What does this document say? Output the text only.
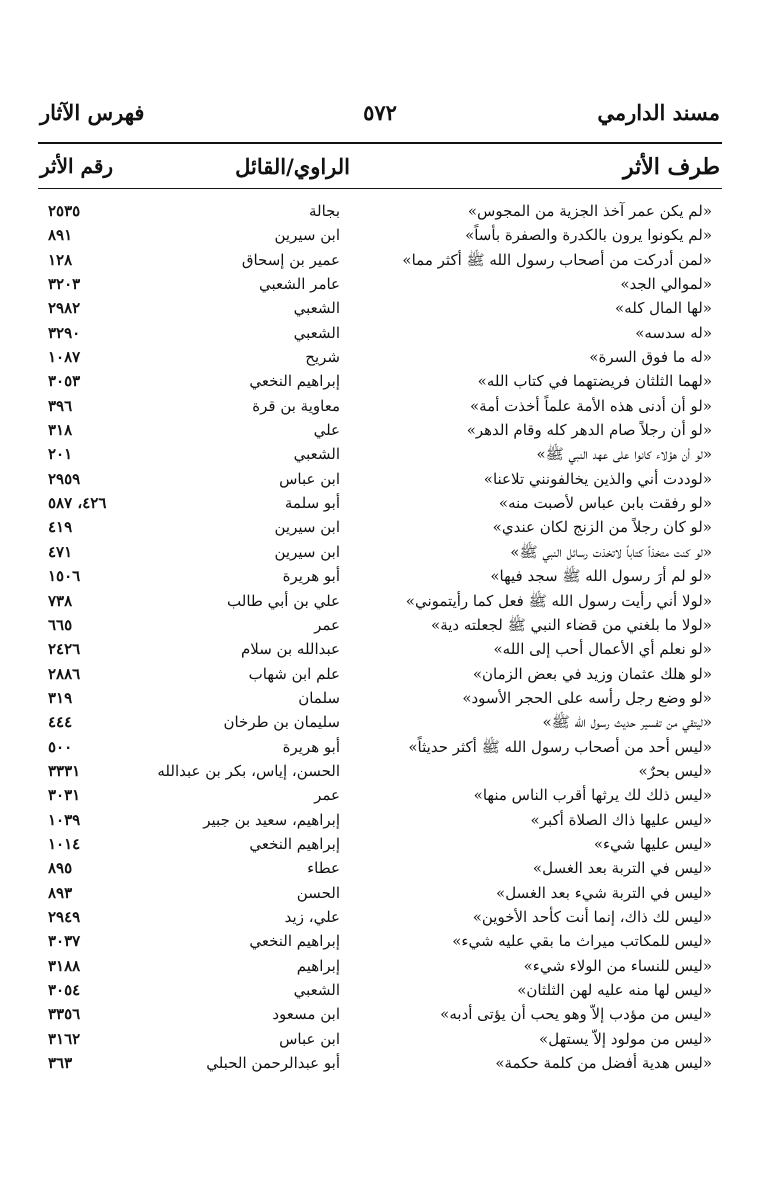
مسند الدارمي
٥٧٢
فهرس الآثار
طرف الأثر
الراوي/القائل
رقم الأثر
«لم يكن عمر آخذ الجزية من المجوس»
بجالة
٢٥٣٥
«لم يكونوا يرون بالكدرة والصفرة بأساً»
ابن سيرين
٨٩١
«لمن أدركت من أصحاب رسول الله ﷺ أكثر مما»
عمير بن إسحاق
١٢٨
«لموالي الجد»
عامر الشعبي
٣٢٠٣
«لها المال كله»
الشعبي
٢٩٨٢
«له سدسه»
الشعبي
٣٢٩٠
«له ما فوق السرة»
شريح
١٠٨٧
«لهما الثلثان فريضتهما في كتاب الله»
إبراهيم النخعي
٣٠٥٣
«لو أن أدنى هذه الأمة علماً أخذت أمة»
معاوية بن قرة
٣٩٦
«لو أن رجلاً صام الدهر كله وقام الدهر»
علي
٣١٨
«لو أن هؤلاء كانوا على عهد النبي ﷺ»
الشعبي
٢٠١
«لوددت أني والذين يخالفونني تلاعنا»
ابن عباس
٢٩٥٩
«لو رفقت بابن عباس لأصبت منه»
أبو سلمة
٤٢٦، ٥٨٧
«لو كان رجلاً من الزنج لكان عندي»
ابن سيرين
٤١٩
«لو كنت متخذاً كتاباً لاتخذت رسائل النبي ﷺ»
ابن سيرين
٤٧١
«لو لم أرَ رسول الله ﷺ سجد فيها»
أبو هريرة
١٥٠٦
«لولا أني رأيت رسول الله ﷺ فعل كما رأيتموني»
علي بن أبي طالب
٧٣٨
«لولا ما بلغني من قضاء النبي ﷺ لجعلته دية»
عمر
٦٦٥
«لو نعلم أي الأعمال أحب إلى الله»
عبدالله بن سلام
٢٤٢٦
«لو هلك عثمان وزيد في بعض الزمان»
علم ابن شهاب
٢٨٨٦
«لو وضع رجل رأسه على الحجر الأسود»
سلمان
٣١٩
«ليتقي من تفسير حديث رسول الله ﷺ»
سليمان بن طرخان
٤٤٤
«ليس أحد من أصحاب رسول الله ﷺ أكثر حديثاً»
أبو هريرة
٥٠٠
«ليس بحرٌ»
الحسن، إياس، بكر بن عبدالله
٣٣٣١
«ليس ذلك لك يرثها أقرب الناس منها»
عمر
٣٠٣١
«ليس عليها ذاك الصلاة أكبر»
إبراهيم، سعيد بن جبير
١٠٣٩
«ليس عليها شيء»
إبراهيم النخعي
١٠١٤
«ليس في التربة بعد الغسل»
عطاء
٨٩٥
«ليس في التربة شيء بعد الغسل»
الحسن
٨٩٣
«ليس لك ذاك، إنما أنت كأحد الأخوين»
علي، زيد
٢٩٤٩
«ليس للمكاتب ميراث ما بقي عليه شيء»
إبراهيم النخعي
٣٠٣٧
«ليس للنساء من الولاء شيء»
إبراهيم
٣١٨٨
«ليس لها منه عليه لهن الثلثان»
الشعبي
٣٠٥٤
«ليس من مؤدب إلاّ وهو يحب أن يؤتى أدبه»
ابن مسعود
٣٣٥٦
«ليس من مولود إلاّ يستهل»
ابن عباس
٣١٦٢
«ليس هدية أفضل من كلمة حكمة»
أبو عبدالرحمن الحبلي
٣٦٣
